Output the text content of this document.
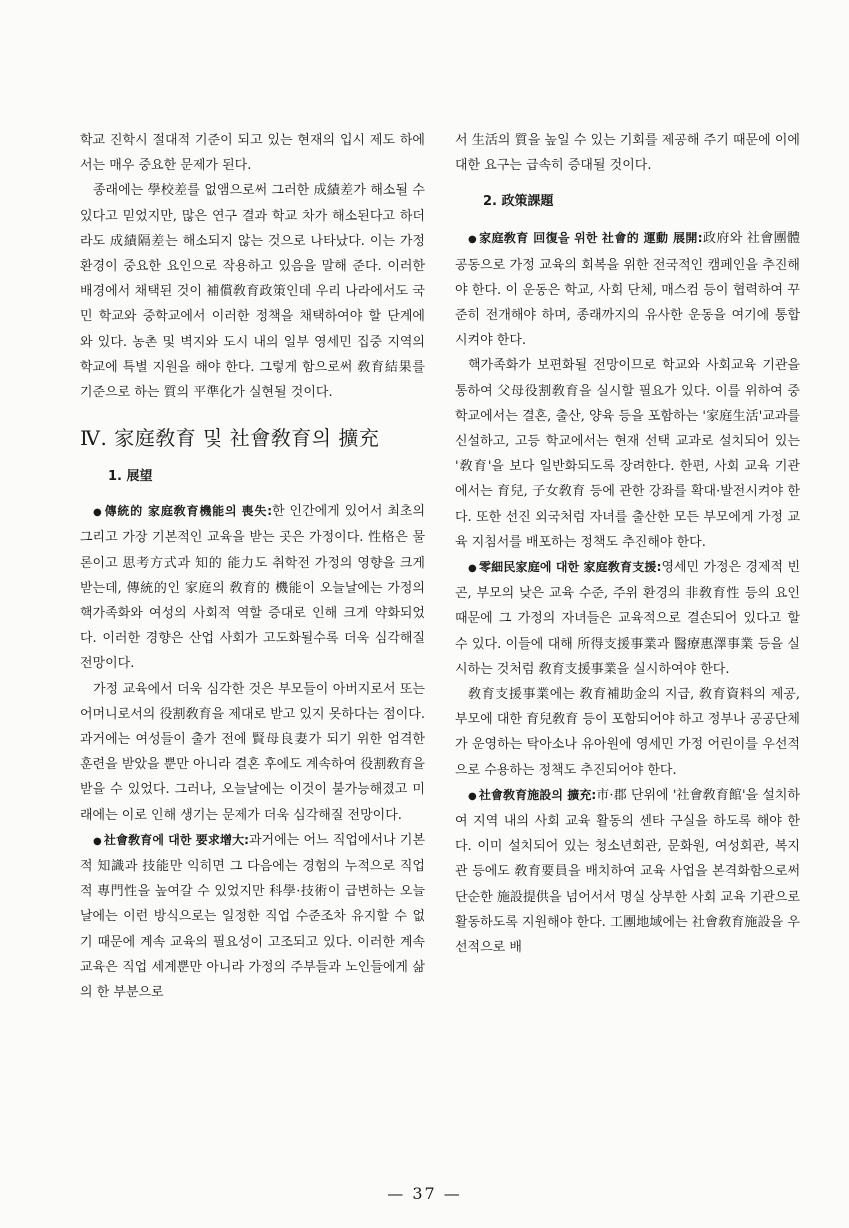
학교 진학시 절대적 기준이 되고 있는 현재의 입시 제도 하에서는 매우 중요한 문제가 된다.

종래에는 學校差를 없앰으로써 그러한 成績差가 해소될 수 있다고 믿었지만, 많은 연구 결과 학교 차가 해소된다고 하더라도 成績隔差는 해소되지 않는 것으로 나타났다. 이는 가정 환경이 중요한 요인으로 작용하고 있음을 말해 준다. 이러한 배경에서 채택된 것이 補償敎育政策인데 우리 나라에서도 국민 학교와 중학교에서 이러한 정책을 채택하여야 할 단계에 와 있다. 농촌 및 벽지와 도시 내의 일부 영세민 집중 지역의 학교에 특별 지원을 해야 한다. 그렇게 함으로써 敎育結果를 기준으로 하는 質의 平準化가 실현될 것이다.

Ⅳ. 家庭敎育 및 社會敎育의 擴充
1. 展望

● 傳統的 家庭敎育機能의 喪失:한 인간에게 있어서 최초의 그리고 가장 기본적인 교육을 받는 곳은 가정이다. 性格은 물론이고 思考方式과 知的 能力도 취학전 가정의 영향을 크게 받는데, 傳統的인 家庭의 敎育的 機能이 오늘날에는 가정의 핵가족화와 여성의 사회적 역할 증대로 인해 크게 약화되었다. 이러한 경향은 산업 사회가 고도화될수록 더욱 심각해질 전망이다.

가정 교육에서 더욱 심각한 것은 부모들이 아버지로서 또는 어머니로서의 役割敎育을 제대로 받고 있지 못하다는 점이다. 과거에는 여성들이 출가 전에 賢母良妻가 되기 위한 엄격한 훈련을 받았을 뿐만 아니라 결혼 후에도 계속하여 役割敎育을 받을 수 있었다. 그러나, 오늘날에는 이것이 불가능해졌고 미래에는 이로 인해 생기는 문제가 더욱 심각해질 전망이다.

● 社會敎育에 대한 要求增大:과거에는 어느 직업에서나 기본적 知識과 技能만 익히면 그 다음에는 경험의 누적으로 직업적 專門性을 높여갈 수 있었지만 科學·技術이 급변하는 오늘날에는 이런 방식으로는 일정한 직업 수준조차 유지할 수 없기 때문에 계속 교육의 필요성이 고조되고 있다. 이러한 계속 교육은 직업 세계뿐만 아니라 가정의 주부들과 노인들에게 삶의 한 부분으로

서 生活의 質을 높일 수 있는 기회를 제공해 주기 때문에 이에 대한 요구는 급속히 증대될 것이다.

2. 政策課題

● 家庭敎育 回復을 위한 社會的 運動 展開:政府와 社會團體 공동으로 가정 교육의 회복을 위한 전국적인 캠페인을 추진해야 한다. 이 운동은 학교, 사회 단체, 매스컴 등이 협력하여 꾸준히 전개해야 하며, 종래까지의 유사한 운동을 여기에 통합시켜야 한다.

핵가족화가 보편화될 전망이므로 학교와 사회교육 기관을 통하여 父母役割敎育을 실시할 필요가 있다. 이를 위하여 중학교에서는 결혼, 출산, 양육 등을 포함하는 '家庭生活'교과를 신설하고, 고등 학교에서는 현재 선택 교과로 설치되어 있는 '敎育'을 보다 일반화되도록 장려한다. 한편, 사회 교육 기관에서는 育兒, 子女敎育 등에 관한 강좌를 확대·발전시켜야 한다. 또한 선진 외국처럼 자녀를 출산한 모든 부모에게 가정 교육 지침서를 배포하는 정책도 추진해야 한다.

● 零細民家庭에 대한 家庭敎育支援:영세민 가정은 경제적 빈곤, 부모의 낮은 교육 수준, 주위 환경의 非敎育性 등의 요인 때문에 그 가정의 자녀들은 교육적으로 결손되어 있다고 할 수 있다. 이들에 대해 所得支援事業과 醫療惠澤事業 등을 실시하는 것처럼 敎育支援事業을 실시하여야 한다.

敎育支援事業에는 敎育補助金의 지급, 敎育資料의 제공, 부모에 대한 育兒敎育 등이 포함되어야 하고 정부나 공공단체가 운영하는 탁아소나 유아원에 영세민 가정 어린이를 우선적으로 수용하는 정책도 추진되어야 한다.

● 社會敎育施設의 擴充:市·郡 단위에 '社會敎育館'을 설치하여 지역 내의 사회 교육 활동의 센타 구실을 하도록 해야 한다. 이미 설치되어 있는 청소년회관, 문화원, 여성회관, 복지관 등에도 敎育要員을 배치하여 교육 사업을 본격화함으로써 단순한 施設提供을 넘어서서 명실 상부한 사회 교육 기관으로 활동하도록 지원해야 한다. 工團地域에는 社會敎育施設을 우선적으로 배

— 37 —
